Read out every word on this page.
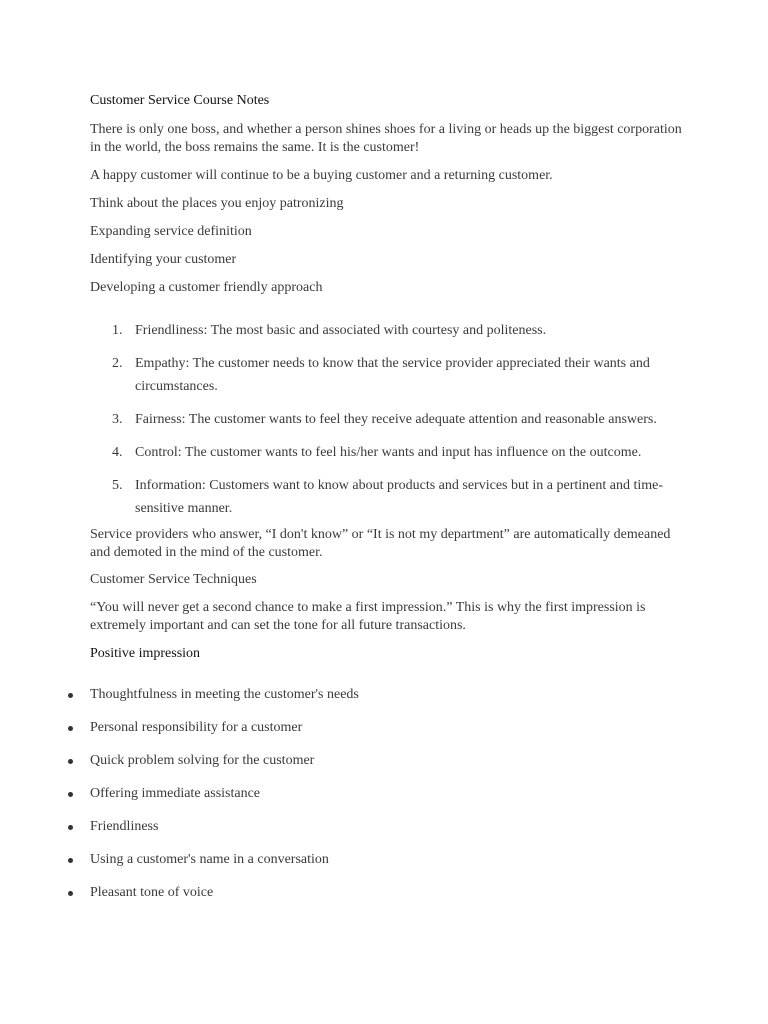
Customer Service Course Notes

There is only one boss, and whether a person shines shoes for a living or heads up the biggest corporation in the world, the boss remains the same. It is the customer!

A happy customer will continue to be a buying customer and a returning customer.

Think about the places you enjoy patronizing

Expanding service definition

Identifying your customer

Developing a customer friendly approach

1. Friendliness: The most basic and associated with courtesy and politeness.
2. Empathy: The customer needs to know that the service provider appreciated their wants and circumstances.
3. Fairness: The customer wants to feel they receive adequate attention and reasonable answers.
4. Control: The customer wants to feel his/her wants and input has influence on the outcome.
5. Information: Customers want to know about products and services but in a pertinent and time-sensitive manner.

Service providers who answer, “I don't know” or “It is not my department” are automatically demeaned and demoted in the mind of the customer.

Customer Service Techniques

“You will never get a second chance to make a first impression.” This is why the first impression is extremely important and can set the tone for all future transactions.

Positive impression

Thoughtfulness in meeting the customer's needs
Personal responsibility for a customer
Quick problem solving for the customer
Offering immediate assistance
Friendliness
Using a customer's name in a conversation
Pleasant tone of voice
